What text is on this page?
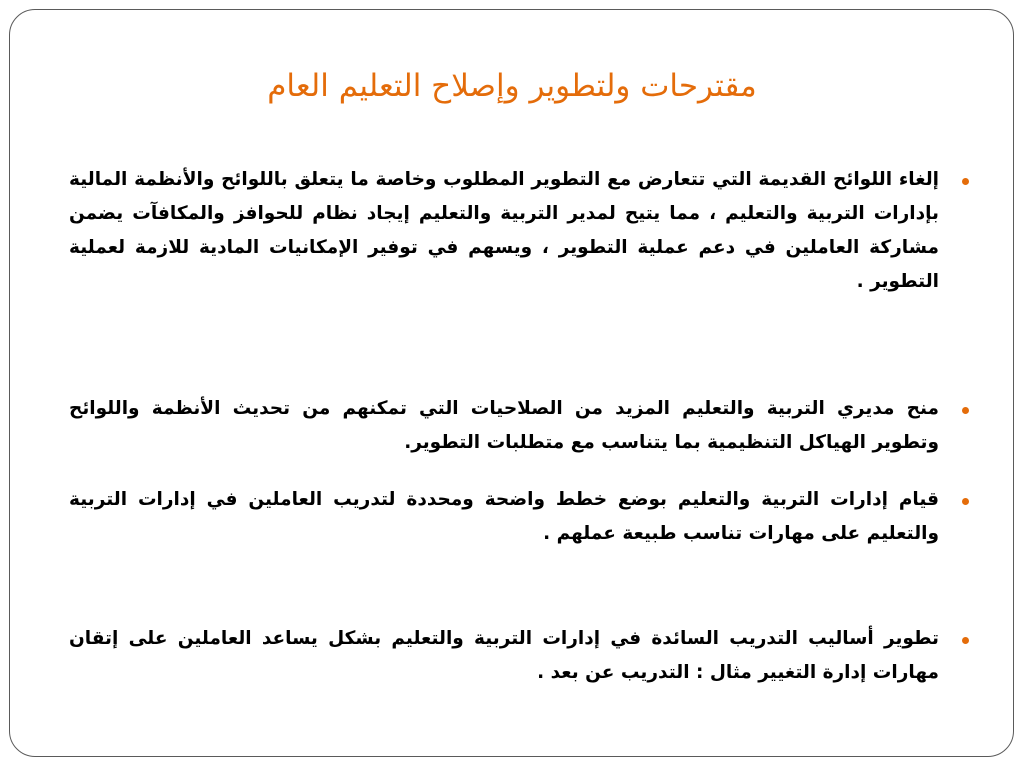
مقترحات ولتطوير وإصلاح التعليم العام
إلغاء اللوائح القديمة التي تتعارض مع التطوير المطلوب وخاصة ما يتعلق باللوائح والأنظمة المالية بإدارات التربية والتعليم ، مما يتيح لمدير التربية والتعليم إيجاد نظام للحوافز والمكافآت يضمن مشاركة العاملين في دعم عملية التطوير ، ويسهم في توفير الإمكانيات المادية للازمة لعملية التطوير .
منح مديري التربية والتعليم المزيد من الصلاحيات التي تمكنهم من تحديث الأنظمة واللوائح وتطوير الهياكل التنظيمية بما يتناسب مع متطلبات التطوير.
قيام إدارات التربية والتعليم بوضع خطط واضحة ومحددة لتدريب العاملين في إدارات التربية والتعليم على مهارات تناسب طبيعة عملهم .
تطوير أساليب التدريب السائدة في إدارات التربية والتعليم بشكل يساعد العاملين على إتقان مهارات إدارة التغيير مثال : التدريب عن بعد .
